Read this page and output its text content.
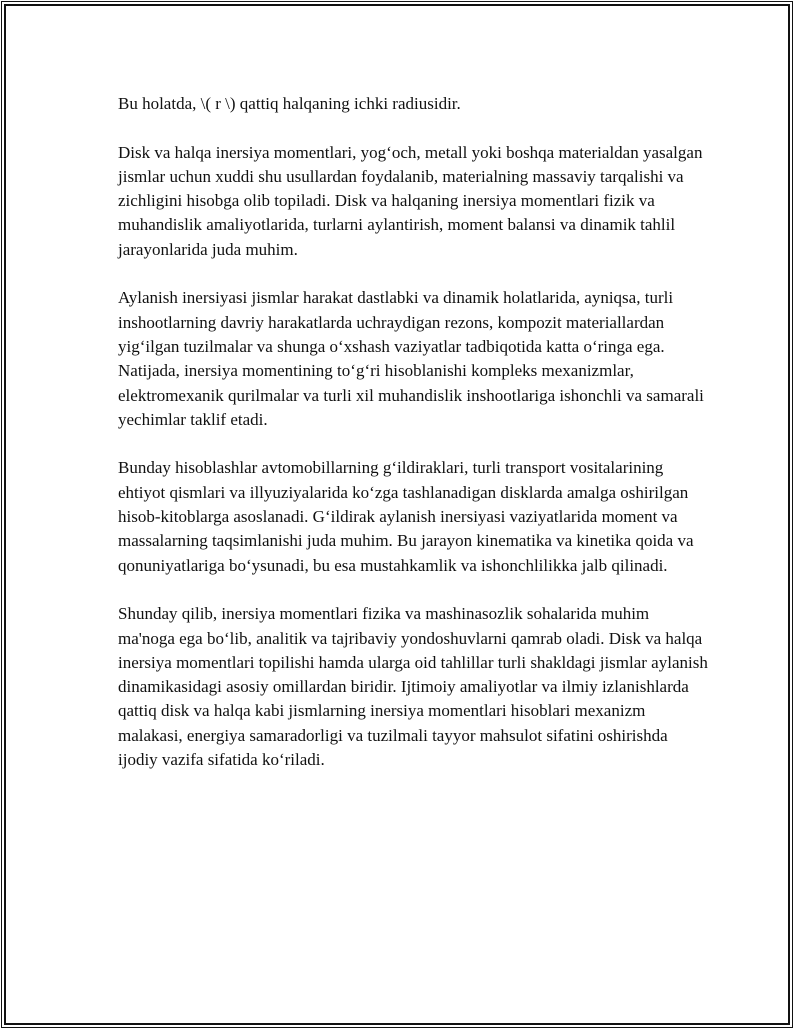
Bu holatda, \( r \) qattiq halqaning ichki radiusidir.

Disk va halqa inersiya momentlari, yog‘och, metall yoki boshqa materialdan yasalgan jismlar uchun xuddi shu usullardan foydalanib, materialning massaviy tarqalishi va zichligini hisobga olib topiladi. Disk va halqaning inersiya momentlari fizik va muhandislik amaliyotlarida, turlarni aylantirish, moment balansi va dinamik tahlil jarayonlarida juda muhim.

Aylanish inersiyasi jismlar harakat dastlabki va dinamik holatlarida, ayniqsa, turli inshootlarning davriy harakatlarda uchraydigan rezons, kompozit materiallardan yig‘ilgan tuzilmalar va shunga o‘xshash vaziyatlar tadbiqotida katta o‘ringa ega. Natijada, inersiya momentining to‘g‘ri hisoblanishi kompleks mexanizmlar, elektromexanik qurilmalar va turli xil muhandislik inshootlariga ishonchli va samarali yechimlar taklif etadi.

Bunday hisoblashlar avtomobillarning g‘ildiraklari, turli transport vositalarining ehtiyot qismlari va illyuziyalarida ko‘zga tashlanadigan disklarda amalga oshirilgan hisob-kitoblarga asoslanadi. G‘ildirak aylanish inersiyasi vaziyatlarida moment va massalarning taqsimlanishi juda muhim. Bu jarayon kinematika va kinetika qoida va qonuniyatlariga bo‘ysunadi, bu esa mustahkamlik va ishonchlilikka jalb qilinadi.

Shunday qilib, inersiya momentlari fizika va mashinasozlik sohalarida muhim ma'noga ega bo‘lib, analitik va tajribaviy yondoshuvlarni qamrab oladi. Disk va halqa inersiya momentlari topilishi hamda ularga oid tahlillar turli shakldagi jismlar aylanish dinamikasidagi asosiy omillardan biridir. Ijtimoiy amaliyotlar va ilmiy izlanishlarda qattiq disk va halqa kabi jismlarning inersiya momentlari hisoblari mexanizm malakasi, energiya samaradorligi va tuzilmali tayyor mahsulot sifatini oshirishda ijodiy vazifa sifatida ko‘riladi.
